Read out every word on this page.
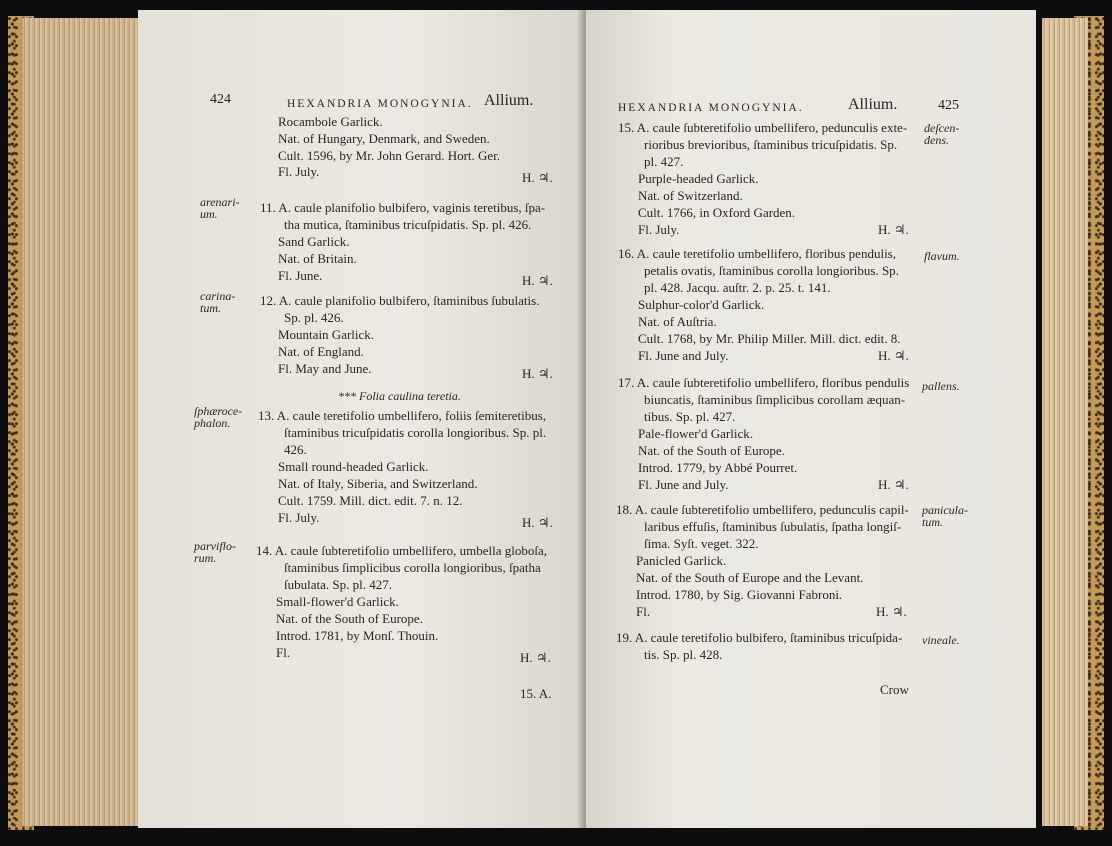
424	HEXANDRIA MONOGYNIA. Allium.
Rocambole Garlick.
Nat. of Hungary, Denmark, and Sweden.
Cult. 1596, by Mr. John Gerard. Hort. Ger.
Fl. July.	H. ♃.
arenari-
um.	11. A. caule planifolio bulbifero, vaginis teretibus, ſpa-
tha mutica, ſtaminibus tricuſpidatis. Sp. pl. 426.
Sand Garlick.
Nat. of Britain.
Fl. June.	H. ♃.
carina-
tum.	12. A. caule planifolio bulbifero, ſtaminibus ſubulatis.
Sp. pl. 426.
Mountain Garlick.
Nat. of England.
Fl. May and June.	H. ♃.
*** Folia caulina teretia.
ſphæroce-
phalon. 13. A. caule teretifolio umbellifero, foliis ſemiteretibus,
ſtaminibus tricuſpidatis corolla longioribus. Sp. pl.
426.
Small round-headed Garlick.
Nat. of Italy, Siberia, and Switzerland.
Cult. 1759. Mill. dict. edit. 7. n. 12.
Fl. July.	H. ♃.
parviflo-
rum.	14. A. caule ſubteretifolio umbellifero, umbella globoſa,
ſtaminibus ſimplicibus corolla longioribus, ſpatha
ſubulata. Sp. pl. 427.
Small-flower'd Garlick.
Nat. of the South of Europe.
Introd. 1781, by Monſ. Thouin.
Fl.	H. ♃.
15. A.
HEXANDRIA MONOGYNIA.	Allium.	425
deſcen-
dens.
15. A. caule ſubteretifolio umbellifero, pedunculis exte-
rioribus brevioribus, ſtaminibus tricuſpidatis. Sp.
pl. 427.
Purple-headed Garlick.
Nat. of Switzerland.
Cult. 1766, in Oxford Garden.
Fl. July.	H. ♃.
flavum.
16. A. caule teretifolio umbellifero, floribus pendulis,
petalis ovatis, ſtaminibus corolla longioribus. Sp.
pl. 428. Jacqu. auſtr. 2. p. 25. t. 141.
Sulphur-color'd Garlick.
Nat. of Auſtria.
Cult. 1768, by Mr. Philip Miller. Mill. dict. edit. 8.
Fl. June and July.	H. ♃.
pallens.
17. A. caule ſubteretifolio umbellifero, floribus pendulis
biuncatis, ſtaminibus ſimplicibus corollam æquan-
tibus. Sp. pl. 427.
Pale-flower'd Garlick.
Nat. of the South of Europe.
Introd. 1779, by Abbé Pourret.
Fl. June and July.	H. ♃.
panicula-
tum.
18. A. caule ſubteretifolio umbellifero, pedunculis capil-
laribus effuſis, ſtaminibus ſubulatis, ſpatha longiſ-
ſima. Syſt. veget. 322.
Panicled Garlick.
Nat. of the South of Europe and the Levant.
Introd. 1780, by Sig. Giovanni Fabroni.
Fl.	H. ♃.
vineale.
19. A. caule teretifolio bulbifero, ſtaminibus tricuſpida-
tis. Sp. pl. 428.
Crow
